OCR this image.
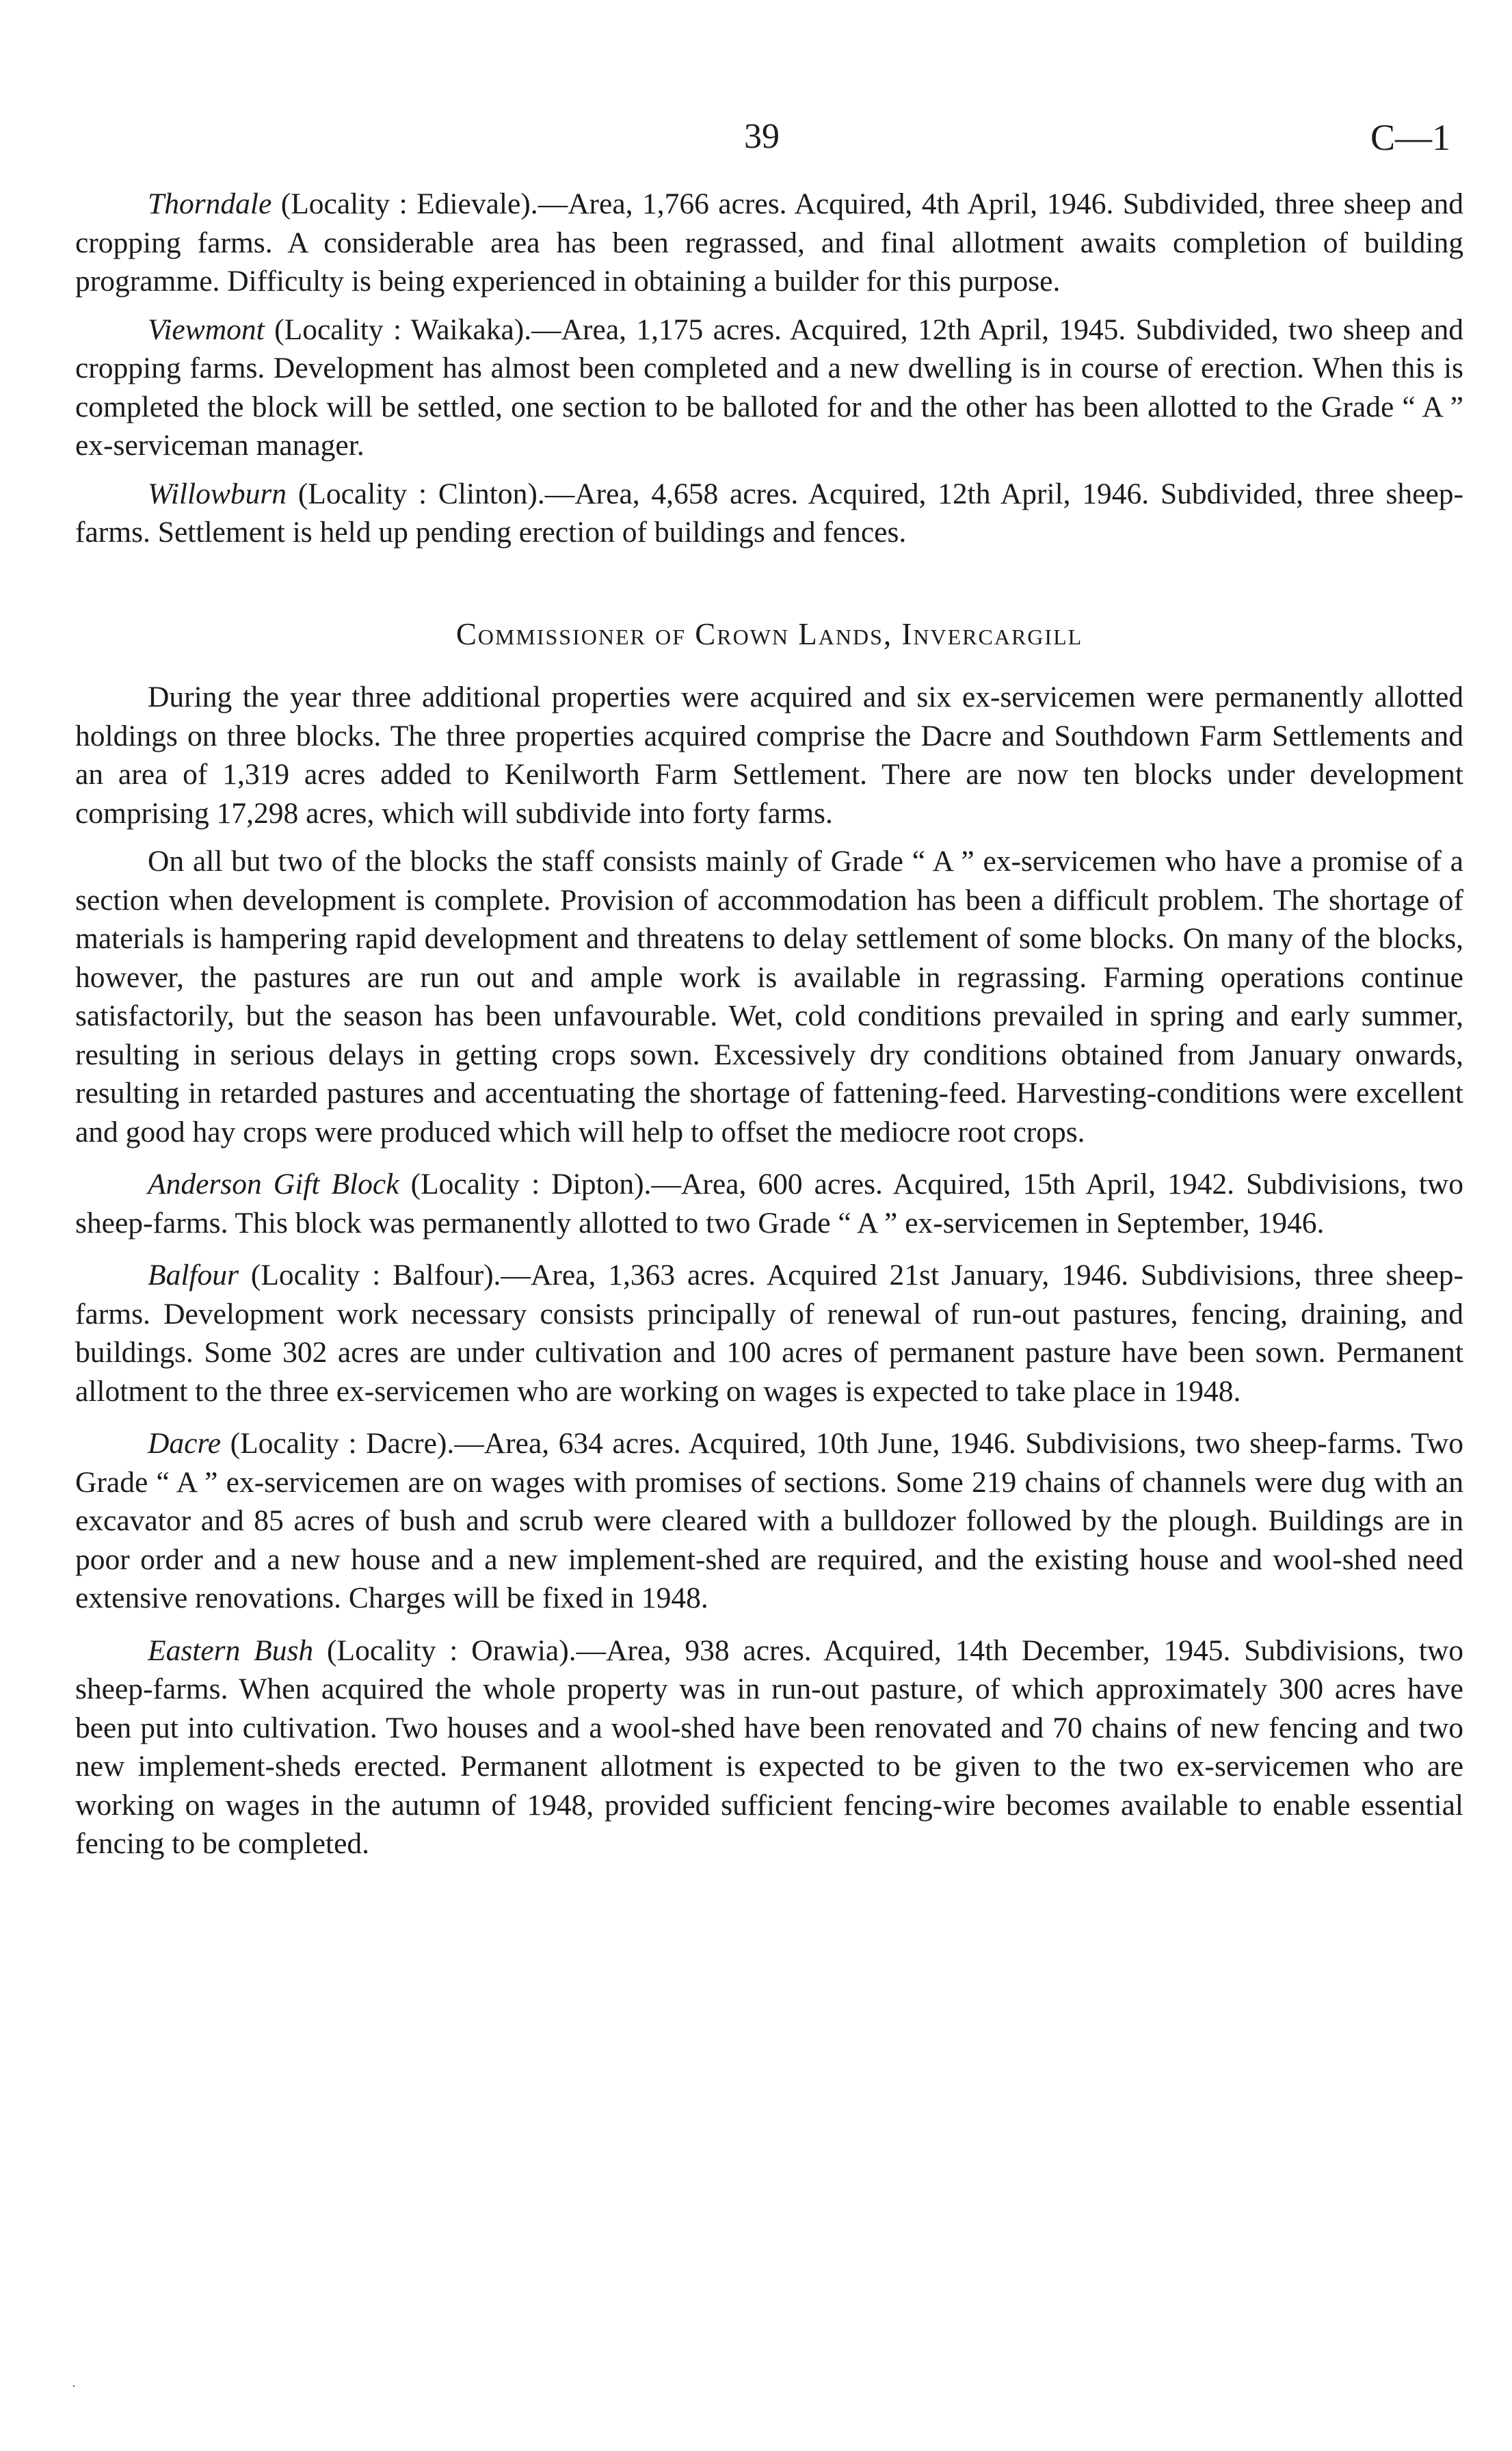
39	C—1

Thorndale (Locality : Edievale).—Area, 1,766 acres. Acquired, 4th April, 1946. Subdivided, three sheep and cropping farms. A considerable area has been regrassed, and final allotment awaits completion of building programme. Difficulty is being experienced in obtaining a builder for this purpose.

Viewmont (Locality : Waikaka).—Area, 1,175 acres. Acquired, 12th April, 1945. Subdivided, two sheep and cropping farms. Development has almost been completed and a new dwelling is in course of erection. When this is completed the block will be settled, one section to be balloted for and the other has been allotted to the Grade “ A ” ex-serviceman manager.

Willowburn (Locality : Clinton).—Area, 4,658 acres. Acquired, 12th April, 1946. Subdivided, three sheep-farms. Settlement is held up pending erection of buildings and fences.

Commissioner of Crown Lands, Invercargill

During the year three additional properties were acquired and six ex-servicemen were permanently allotted holdings on three blocks. The three properties acquired comprise the Dacre and Southdown Farm Settlements and an area of 1,319 acres added to Kenilworth Farm Settlement. There are now ten blocks under development comprising 17,298 acres, which will subdivide into forty farms.

On all but two of the blocks the staff consists mainly of Grade “ A ” ex-servicemen who have a promise of a section when development is complete. Provision of accommodation has been a difficult problem. The shortage of materials is hampering rapid development and threatens to delay settlement of some blocks. On many of the blocks, however, the pastures are run out and ample work is available in regrassing. Farming operations continue satisfactorily, but the season has been unfavourable. Wet, cold conditions prevailed in spring and early summer, resulting in serious delays in getting crops sown. Excessively dry conditions obtained from January onwards, resulting in retarded pastures and accentuating the shortage of fattening-feed. Harvesting-conditions were excellent and good hay crops were produced which will help to offset the mediocre root crops.

Anderson Gift Block (Locality : Dipton).—Area, 600 acres. Acquired, 15th April, 1942. Subdivisions, two sheep-farms. This block was permanently allotted to two Grade “ A ” ex-servicemen in September, 1946.

Balfour (Locality : Balfour).—Area, 1,363 acres. Acquired 21st January, 1946. Subdivisions, three sheep-farms. Development work necessary consists principally of renewal of run-out pastures, fencing, draining, and buildings. Some 302 acres are under cultivation and 100 acres of permanent pasture have been sown. Permanent allotment to the three ex-servicemen who are working on wages is expected to take place in 1948.

Dacre (Locality : Dacre).—Area, 634 acres. Acquired, 10th June, 1946. Subdivisions, two sheep-farms. Two Grade “ A ” ex-servicemen are on wages with promises of sections. Some 219 chains of channels were dug with an excavator and 85 acres of bush and scrub were cleared with a bulldozer followed by the plough. Buildings are in poor order and a new house and a new implement-shed are required, and the existing house and wool-shed need extensive renovations. Charges will be fixed in 1948.

Eastern Bush (Locality : Orawia).—Area, 938 acres. Acquired, 14th December, 1945. Subdivisions, two sheep-farms. When acquired the whole property was in run-out pasture, of which approximately 300 acres have been put into cultivation. Two houses and a wool-shed have been renovated and 70 chains of new fencing and two new implement-sheds erected. Permanent allotment is expected to be given to the two ex-servicemen who are working on wages in the autumn of 1948, provided sufficient fencing-wire becomes available to enable essential fencing to be completed.

·
